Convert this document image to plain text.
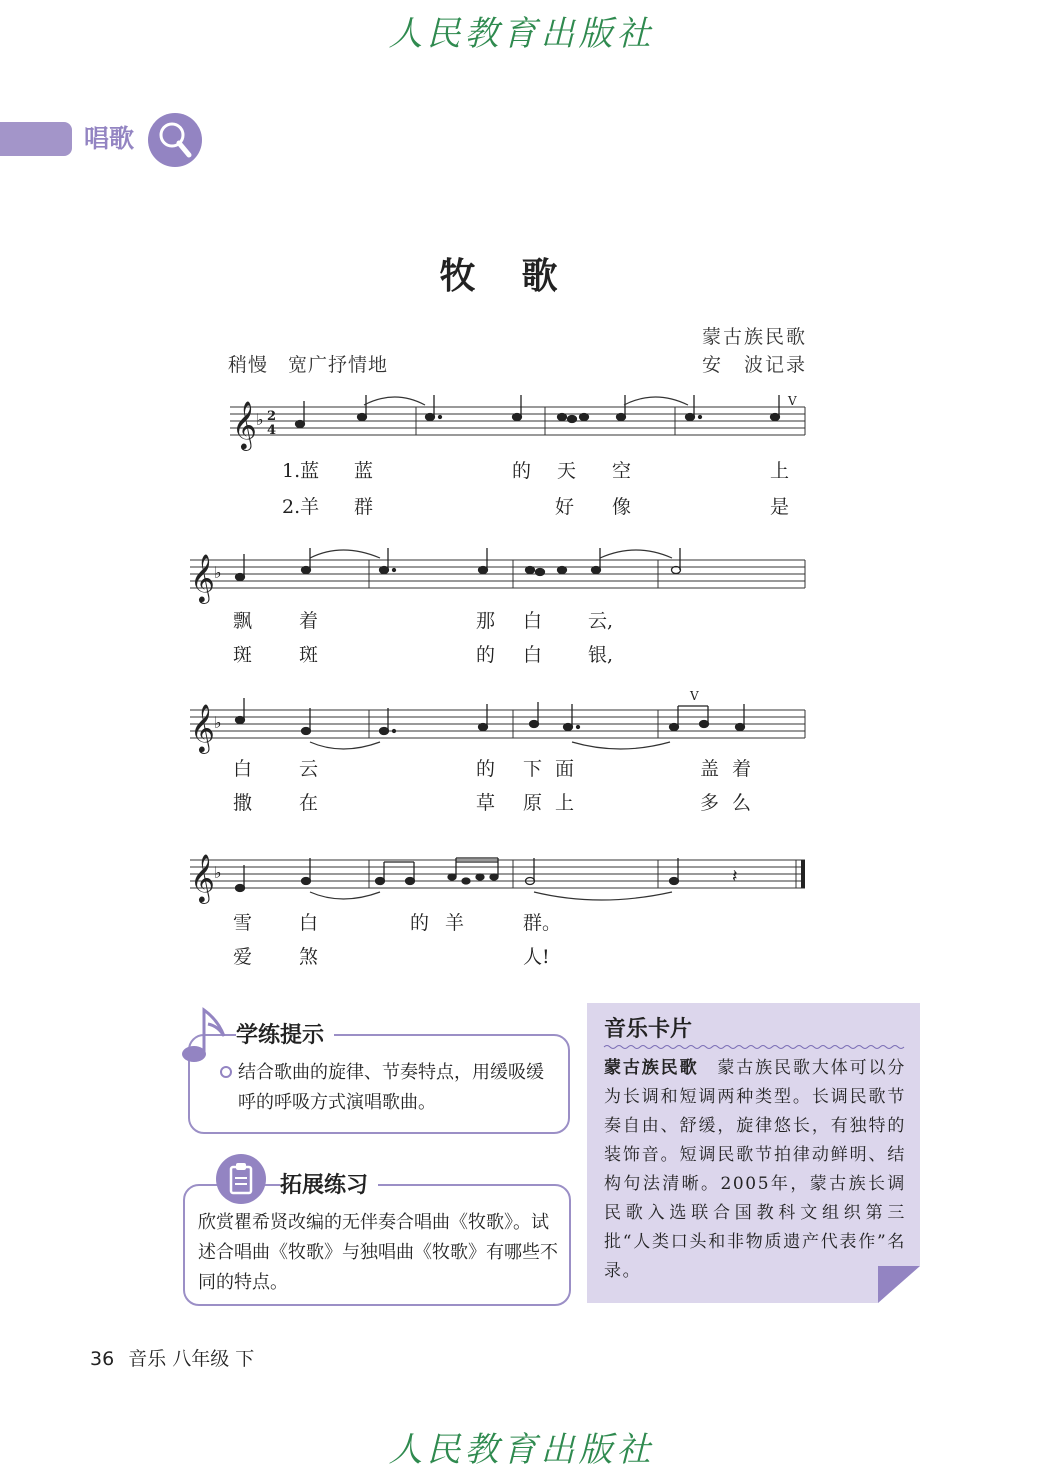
人民教育出版社
唱歌
牧歌
蒙古族民歌
安　波记录
稍慢　宽广抒情地
𝄞 ♭ 2
4
V
1.蓝 蓝	的 天 空	上
2.羊 群	好 像	是
𝄞 ♭
飘 着	那 白 云,
斑 斑	的 白 银,
𝄞 ♭
V
白 云	的 下 面	盖 着
撒 在	草 原 上	多 么
𝄞 ♭	𝄽
雪 白	的 羊	群。
爱 煞	人!
学练提示
结合歌曲的旋律、节奏特点，用缓吸缓呼的呼吸方式演唱歌曲。
拓展练习
欣赏瞿希贤改编的无伴奏合唱曲《牧歌》。试述合唱曲《牧歌》与独唱曲《牧歌》有哪些不同的特点。
音乐卡片
蒙古族民歌　 蒙古族民歌大体可以分为长调和短调两种类型。长调民歌节奏自由、舒缓，旋律悠长，有独特的装饰音。短调民歌节拍律动鲜明、结构句法清晰。2005年，蒙古族长调民歌入选联合国教科文组织第三批“人类口头和非物质遗产代表作”名录。
36 音乐 八年级 下
人民教育出版社
